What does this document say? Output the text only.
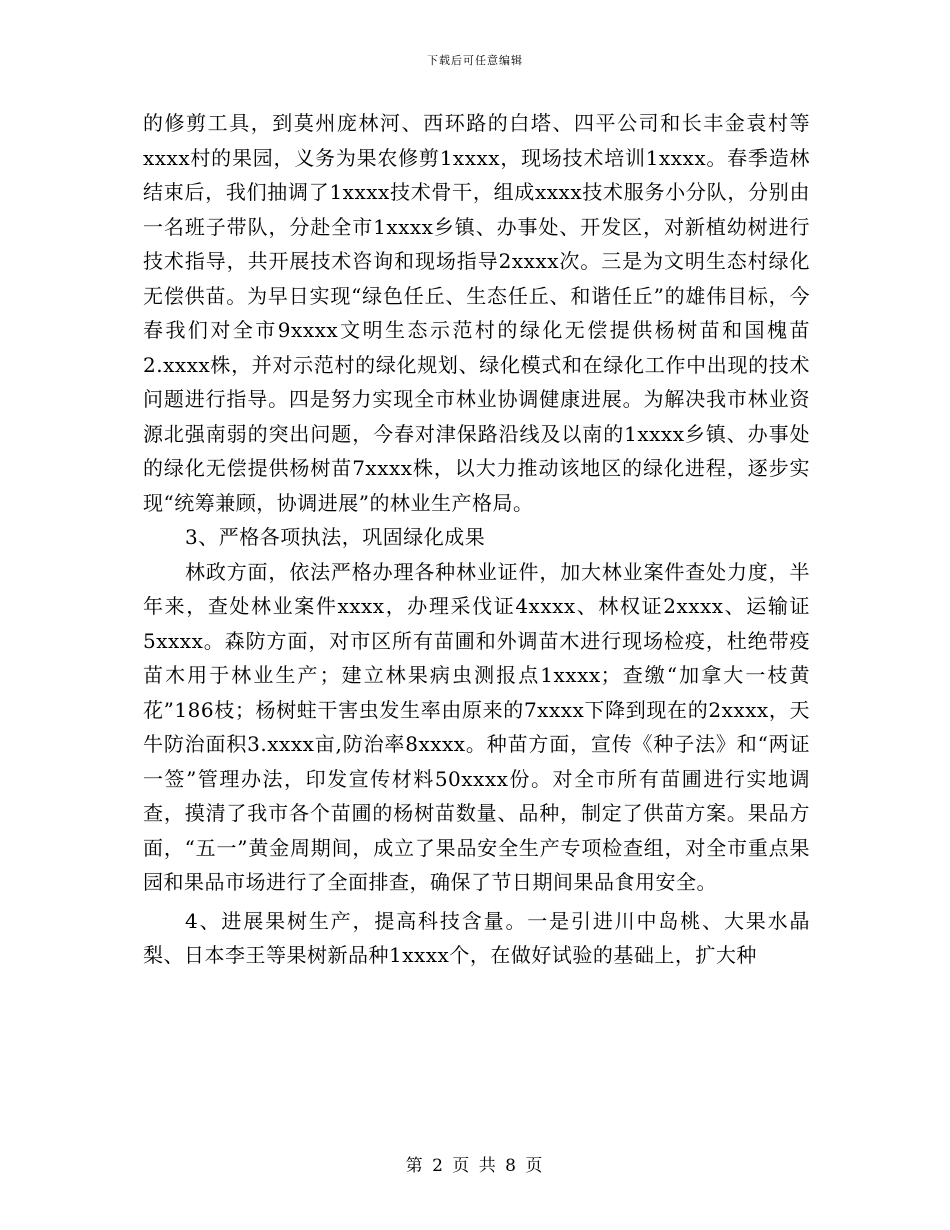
下载后可任意编辑

的修剪工具，到莫州庞林河、西环路的白塔、四平公司和长丰金袁村等xxxx村的果园，义务为果农修剪1xxxx，现场技术培训1xxxx。春季造林结束后，我们抽调了1xxxx技术骨干，组成xxxx技术服务小分队，分别由一名班子带队，分赴全市1xxxx乡镇、办事处、开发区，对新植幼树进行技术指导，共开展技术咨询和现场指导2xxxx次。三是为文明生态村绿化无偿供苗。为早日实现“绿色任丘、生态任丘、和谐任丘”的雄伟目标，今春我们对全市9xxxx文明生态示范村的绿化无偿提供杨树苗和国槐苗2.xxxx株，并对示范村的绿化规划、绿化模式和在绿化工作中出现的技术问题进行指导。四是努力实现全市林业协调健康进展。为解决我市林业资源北强南弱的突出问题，今春对津保路沿线及以南的1xxxx乡镇、办事处的绿化无偿提供杨树苗7xxxx株，以大力推动该地区的绿化进程，逐步实现“统筹兼顾，协调进展”的林业生产格局。

3、严格各项执法，巩固绿化成果

林政方面，依法严格办理各种林业证件，加大林业案件查处力度，半年来，查处林业案件xxxx，办理采伐证4xxxx、林权证2xxxx、运输证5xxxx。森防方面，对市区所有苗圃和外调苗木进行现场检疫，杜绝带疫苗木用于林业生产；建立林果病虫测报点1xxxx；查缴“加拿大一枝黄花”186枝；杨树蛀干害虫发生率由原来的7xxxx下降到现在的2xxxx，天牛防治面积3.xxxx亩,防治率8xxxx。种苗方面，宣传《种子法》和“两证一签”管理办法，印发宣传材料50xxxx份。对全市所有苗圃进行实地调查，摸清了我市各个苗圃的杨树苗数量、品种，制定了供苗方案。果品方面，“五一”黄金周期间，成立了果品安全生产专项检查组，对全市重点果园和果品市场进行了全面排查，确保了节日期间果品食用安全。

4、进展果树生产，提高科技含量。一是引进川中岛桃、大果水晶梨、日本李王等果树新品种1xxxx个，在做好试验的基础上，扩大种

第 2 页 共 8 页
